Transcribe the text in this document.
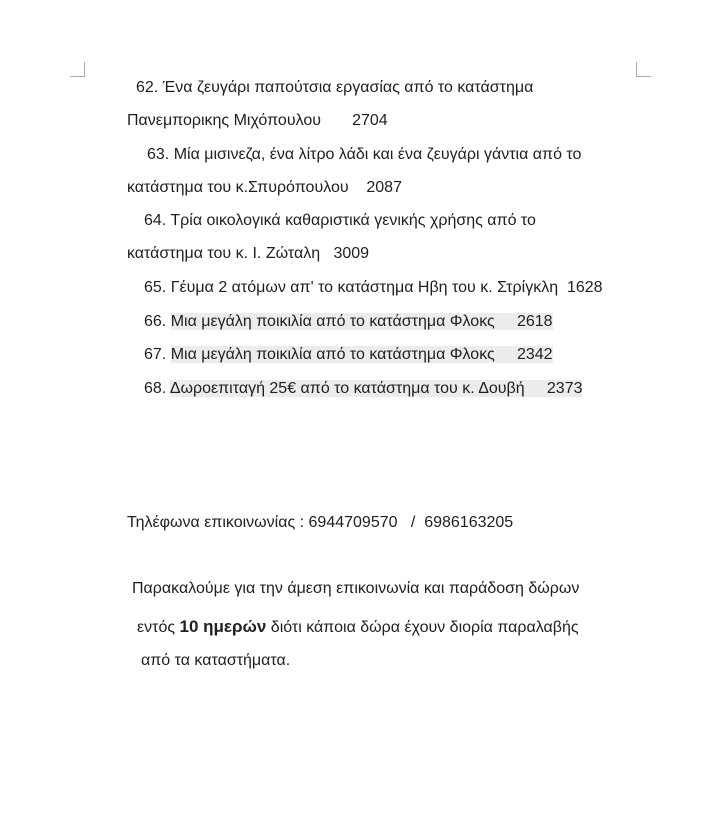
62. Ένα ζευγάρι παπούτσια εργασίας από το κατάστημα
Πανεμπορικης Μιχόπουλου 2704
63. Μία μισινεζα, ένα λίτρο λάδι και ένα ζευγάρι γάντια από το
κατάστημα του κ.Σπυρόπουλου 2087
64. Τρία οικολογικά καθαριστικά γενικής χρήσης από το
κατάστημα του κ. Ι. Ζώταλη 3009
65. Γέυμα 2 ατόμων απ' το κατάστημα Ηβη του κ. Στρίγκλη 1628
66. Μια μεγάλη ποικιλία από το κατάστημα Φλοκς 2618
67. Μια μεγάλη ποικιλία από το κατάστημα Φλοκς 2342
68. Δωροεπιταγή 25€ από το κατάστημα του κ. Δουβή 2373
Τηλέφωνα επικοινωνίας : 6944709570 / 6986163205
Παρακαλούμε για την άμεση επικοινωνία και παράδοση δώρων
εντός 10 ημερών διότι κάποια δώρα έχουν διορία παραλαβής
από τα καταστήματα.
